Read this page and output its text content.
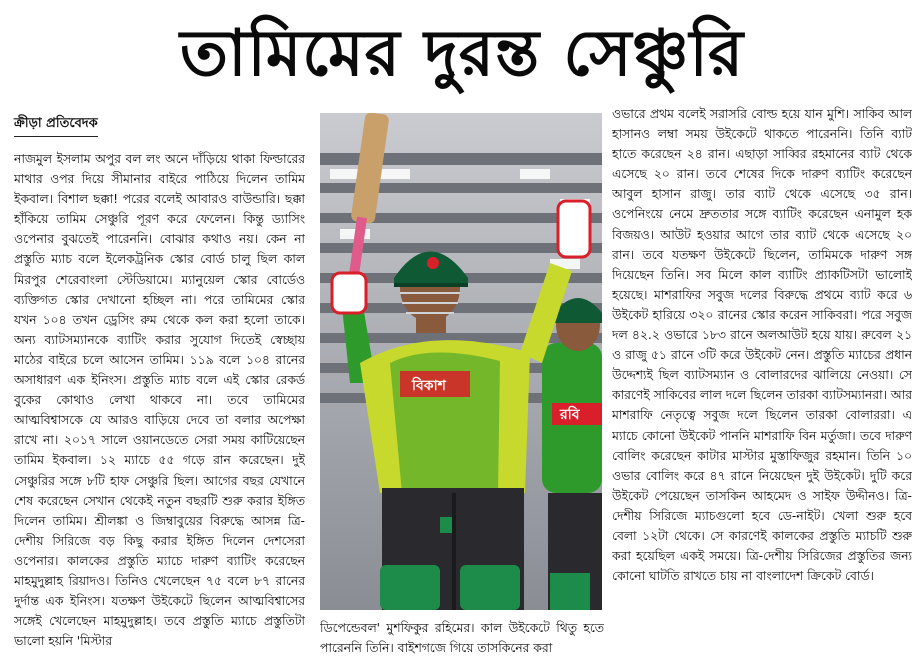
তামিমের দুরন্ত সেঞ্চুরি
ক্রীড়া প্রতিবেদক

নাজমুল ইসলাম অপুর বল লং অনে দাঁড়িয়ে থাকা ফিল্ডারের মাথার ওপর দিয়ে সীমানার বাইরে পাঠিয়ে দিলেন তামিম ইকবাল। বিশাল ছক্কা! পরের বলেই আবারও বাউন্ডারি। ছক্কা হাঁকিয়ে তামিম সেঞ্চুরি পূরণ করে ফেলেন। কিন্তু ড্যাসিং ওপেনার বুঝতেই পারেননি। বোঝার কথাও নয়। কেন না প্রস্তুতি ম্যাচ বলে ইলেকট্রনিক স্কোর বোর্ড চালু ছিল কাল মিরপুর শেরেবাংলা স্টেডিয়ামে। ম্যানুয়েল স্কোর বোর্ডেও ব্যক্তিগত স্কোর দেখানো হচ্ছিল না। পরে তামিমের স্কোর যখন ১০৪ তখন ড্রেসিং রুম থেকে কল করা হলো তাকে। অন্য ব্যাটসম্যানকে ব্যাটিং করার সুযোগ দিতেই স্বেচ্ছায় মাঠের বাইরে চলে আসেন তামিম। ১১৯ বলে ১০৪ রানের অসাধারণ এক ইনিংস। প্রস্তুতি ম্যাচ বলে এই স্কোর রেকর্ড বুকের কোথাও লেখা থাকবে না। তবে তামিমের আত্মবিশ্বাসকে যে আরও বাড়িয়ে দেবে তা বলার অপেক্ষা রাখে না। ২০১৭ সালে ওয়ানডেতে সেরা সময় কাটিয়েছেন তামিম ইকবাল। ১২ ম্যাচে ৫৫ গড়ে রান করেছেন। দুই সেঞ্চুরির সঙ্গে ৮টি হাফ সেঞ্চুরি ছিল। আগের বছর যেখানে শেষ করেছেন সেখান থেকেই নতুন বছরটি শুরু করার ইঙ্গিত দিলেন তামিম। শ্রীলঙ্কা ও জিম্বাবুয়ের বিরুদ্ধে আসন্ন ত্রি-দেশীয় সিরিজে বড় কিছু করার ইঙ্গিত দিলেন দেশসেরা ওপেনার। কালকের প্রস্তুতি ম্যাচে দারুণ ব্যাটিং করেছেন মাহমুদুল্লাহ রিয়াদও। তিনিও খেলেছেন ৭৫ বলে ৮৭ রানের দুর্দান্ত এক ইনিংস। যতক্ষণ উইকেটে ছিলেন আত্মবিশ্বাসের সঙ্গেই খেলেছেন মাহমুদুল্লাহ। তবে প্রস্তুতি ম্যাচে প্রস্তুতিটা ভালো হয়নি 'মিস্টার

রবি
বিকাশ
ডিপেন্ডেবল' মুশফিকুর রহিমের। কাল উইকেটে থিতু হতে পারেননি তিনি। বাইশগজে গিয়ে তাসকিনের করা

ওভারে প্রথম বলেই সরাসরি বোল্ড হয়ে যান মুশি। সাকিব আল হাসানও লম্বা সময় উইকেটে থাকতে পারেননি। তিনি ব্যাট হাতে করেছেন ২৪ রান। এছাড়া সাব্বির রহমানের ব্যাট থেকে এসেছে ২০ রান। তবে শেষের দিকে দারুণ ব্যাটিং করেছেন আবুল হাসান রাজু। তার ব্যাট থেকে এসেছে ৩৫ রান। ওপেনিংয়ে নেমে দ্রুততার সঙ্গে ব্যাটিং করেছেন এনামুল হক বিজয়ও। আউট হওয়ার আগে তার ব্যাট থেকে এসেছে ২০ রান। তবে যতক্ষণ উইকেটে ছিলেন, তামিমকে দারুণ সঙ্গ দিয়েছেন তিনি। সব মিলে কাল ব্যাটিং প্র্যাকটিসটা ভালোই হয়েছে। মাশরাফির সবুজ দলের বিরুদ্ধে প্রথমে ব্যাট করে ৬ উইকেট হারিয়ে ৩২০ রানের স্কোর করেন সাকিবরা। পরে সবুজ দল ৪২.২ ওভারে ১৮৩ রানে অলআউট হয়ে যায়। রুবেল ২১ ও রাজু ৫১ রানে ৩টি করে উইকেট নেন। প্রস্তুতি ম্যাচের প্রধান উদ্দেশ্যই ছিল ব্যাটসম্যান ও বোলারদের ঝালিয়ে নেওয়া। সে কারণেই সাকিবের লাল দলে ছিলেন তারকা ব্যাটসম্যানরা। আর মাশরাফি নেতৃত্বে সবুজ দলে ছিলেন তারকা বোলাররা। এ ম্যাচে কোনো উইকেট পাননি মাশরাফি বিন মর্তুজা। তবে দারুণ বোলিং করেছেন কাটার মাস্টার মুস্তাফিজুর রহমান। তিনি ১০ ওভার বোলিং করে ৪৭ রানে নিয়েছেন দুই উইকেট। দুটি করে উইকেট পেয়েছেন তাসকিন আহমেদ ও সাইফ উদ্দীনও। ত্রি-দেশীয় সিরিজে ম্যাচগুলো হবে ডে-নাইট। খেলা শুরু হবে বেলা ১২টা থেকে। সে কারণেই কালকের প্রস্তুতি ম্যাচটি শুরু করা হয়েছিল একই সময়ে। ত্রি-দেশীয় সিরিজের প্রস্তুতির জন্য কোনো ঘাটতি রাখতে চায় না বাংলাদেশ ক্রিকেট বোর্ড।
